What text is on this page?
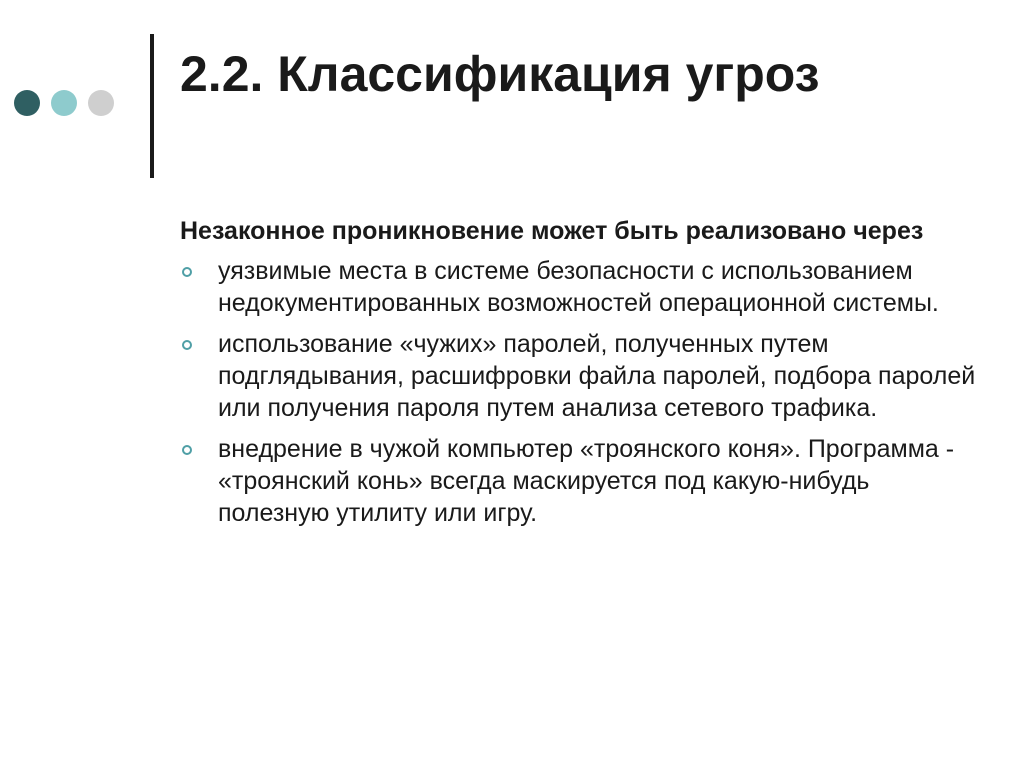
2.2. Классификация угроз

Незаконное проникновение может быть реализовано через

уязвимые места в системе безопасности с использованием недокументированных возможностей операционной системы.
использование «чужих» паролей, полученных путем подглядывания, расшифровки файла паролей, подбора паролей или получения пароля путем анализа сетевого трафика.
внедрение в чужой компьютер «троянского коня». Программа - «троянский конь» всегда маскируется под какую-нибудь полезную утилиту или игру.
